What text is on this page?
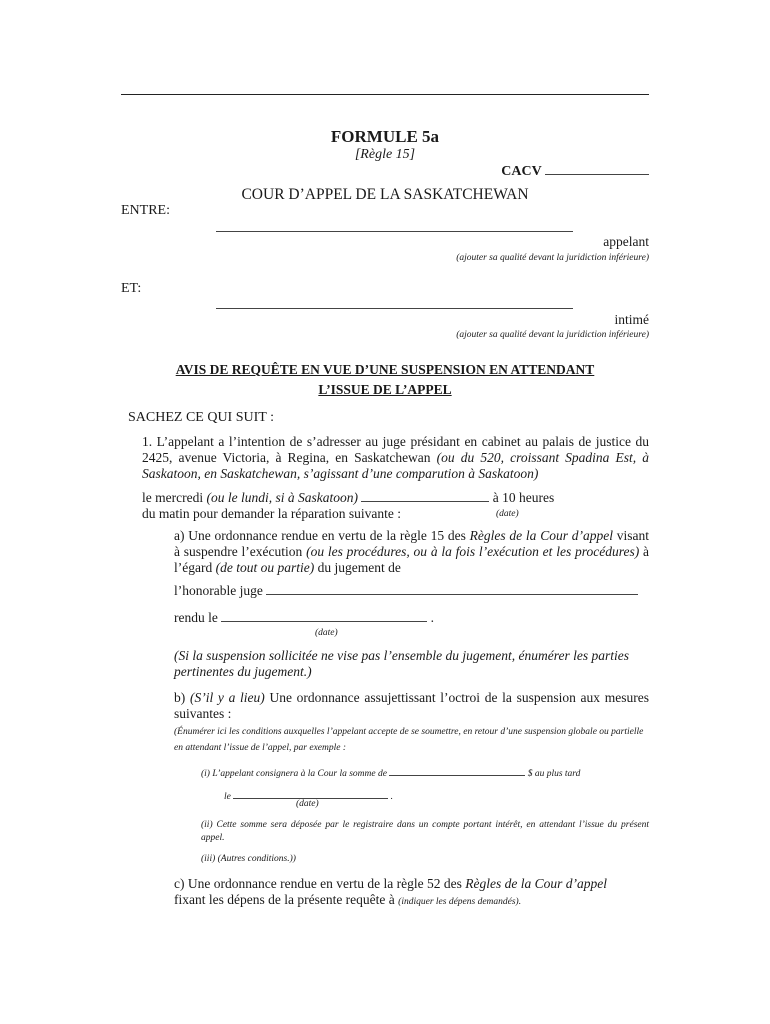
FORMULE 5a
[Règle 15]
CACV
COUR D’APPEL DE LA SASKATCHEWAN
ENTRE:
appelant
(ajouter sa qualité devant la juridiction inférieure)
ET:
intimé
(ajouter sa qualité devant la juridiction inférieure)
AVIS DE REQUÊTE EN VUE D’UNE SUSPENSION EN ATTENDANT
L’ISSUE DE L’APPEL
SACHEZ CE QUI SUIT :
1. L’appelant a l’intention de s’adresser au juge présidant en cabinet au palais de justice du 2425, avenue Victoria, à Regina, en Saskatchewan (ou du 520, croissant Spadina Est, à Saskatoon, en Saskatchewan, s’agissant d’une comparution à Saskatoon)
le mercredi (ou le lundi, si à Saskatoon)	à 10 heures
du matin pour demander la réparation suivante :	(date)
a) Une ordonnance rendue en vertu de la règle 15 des Règles de la Cour d’appel visant à suspendre l’exécution (ou les procédures, ou à la fois l’exécution et les procédures) à l’égard (de tout ou partie) du jugement de
l’honorable juge
rendu le	.
(date)
(Si la suspension sollicitée ne vise pas l’ensemble du jugement, énumérer les parties pertinentes du jugement.)
b) (S’il y a lieu) Une ordonnance assujettissant l’octroi de la suspension aux mesures suivantes :
(Énumérer ici les conditions auxquelles l’appelant accepte de se soumettre, en retour d’une suspension globale ou partielle en attendant l’issue de l’appel, par exemple :
(i) L’appelant consignera à la Cour la somme de	$ au plus tard
le	.
(date)
(ii) Cette somme sera déposée par le registraire dans un compte portant intérêt, en attendant l’issue du présent appel.
(iii) (Autres conditions.))
c) Une ordonnance rendue en vertu de la règle 52 des Règles de la Cour d’appel
fixant les dépens de la présente requête à (indiquer les dépens demandés).
